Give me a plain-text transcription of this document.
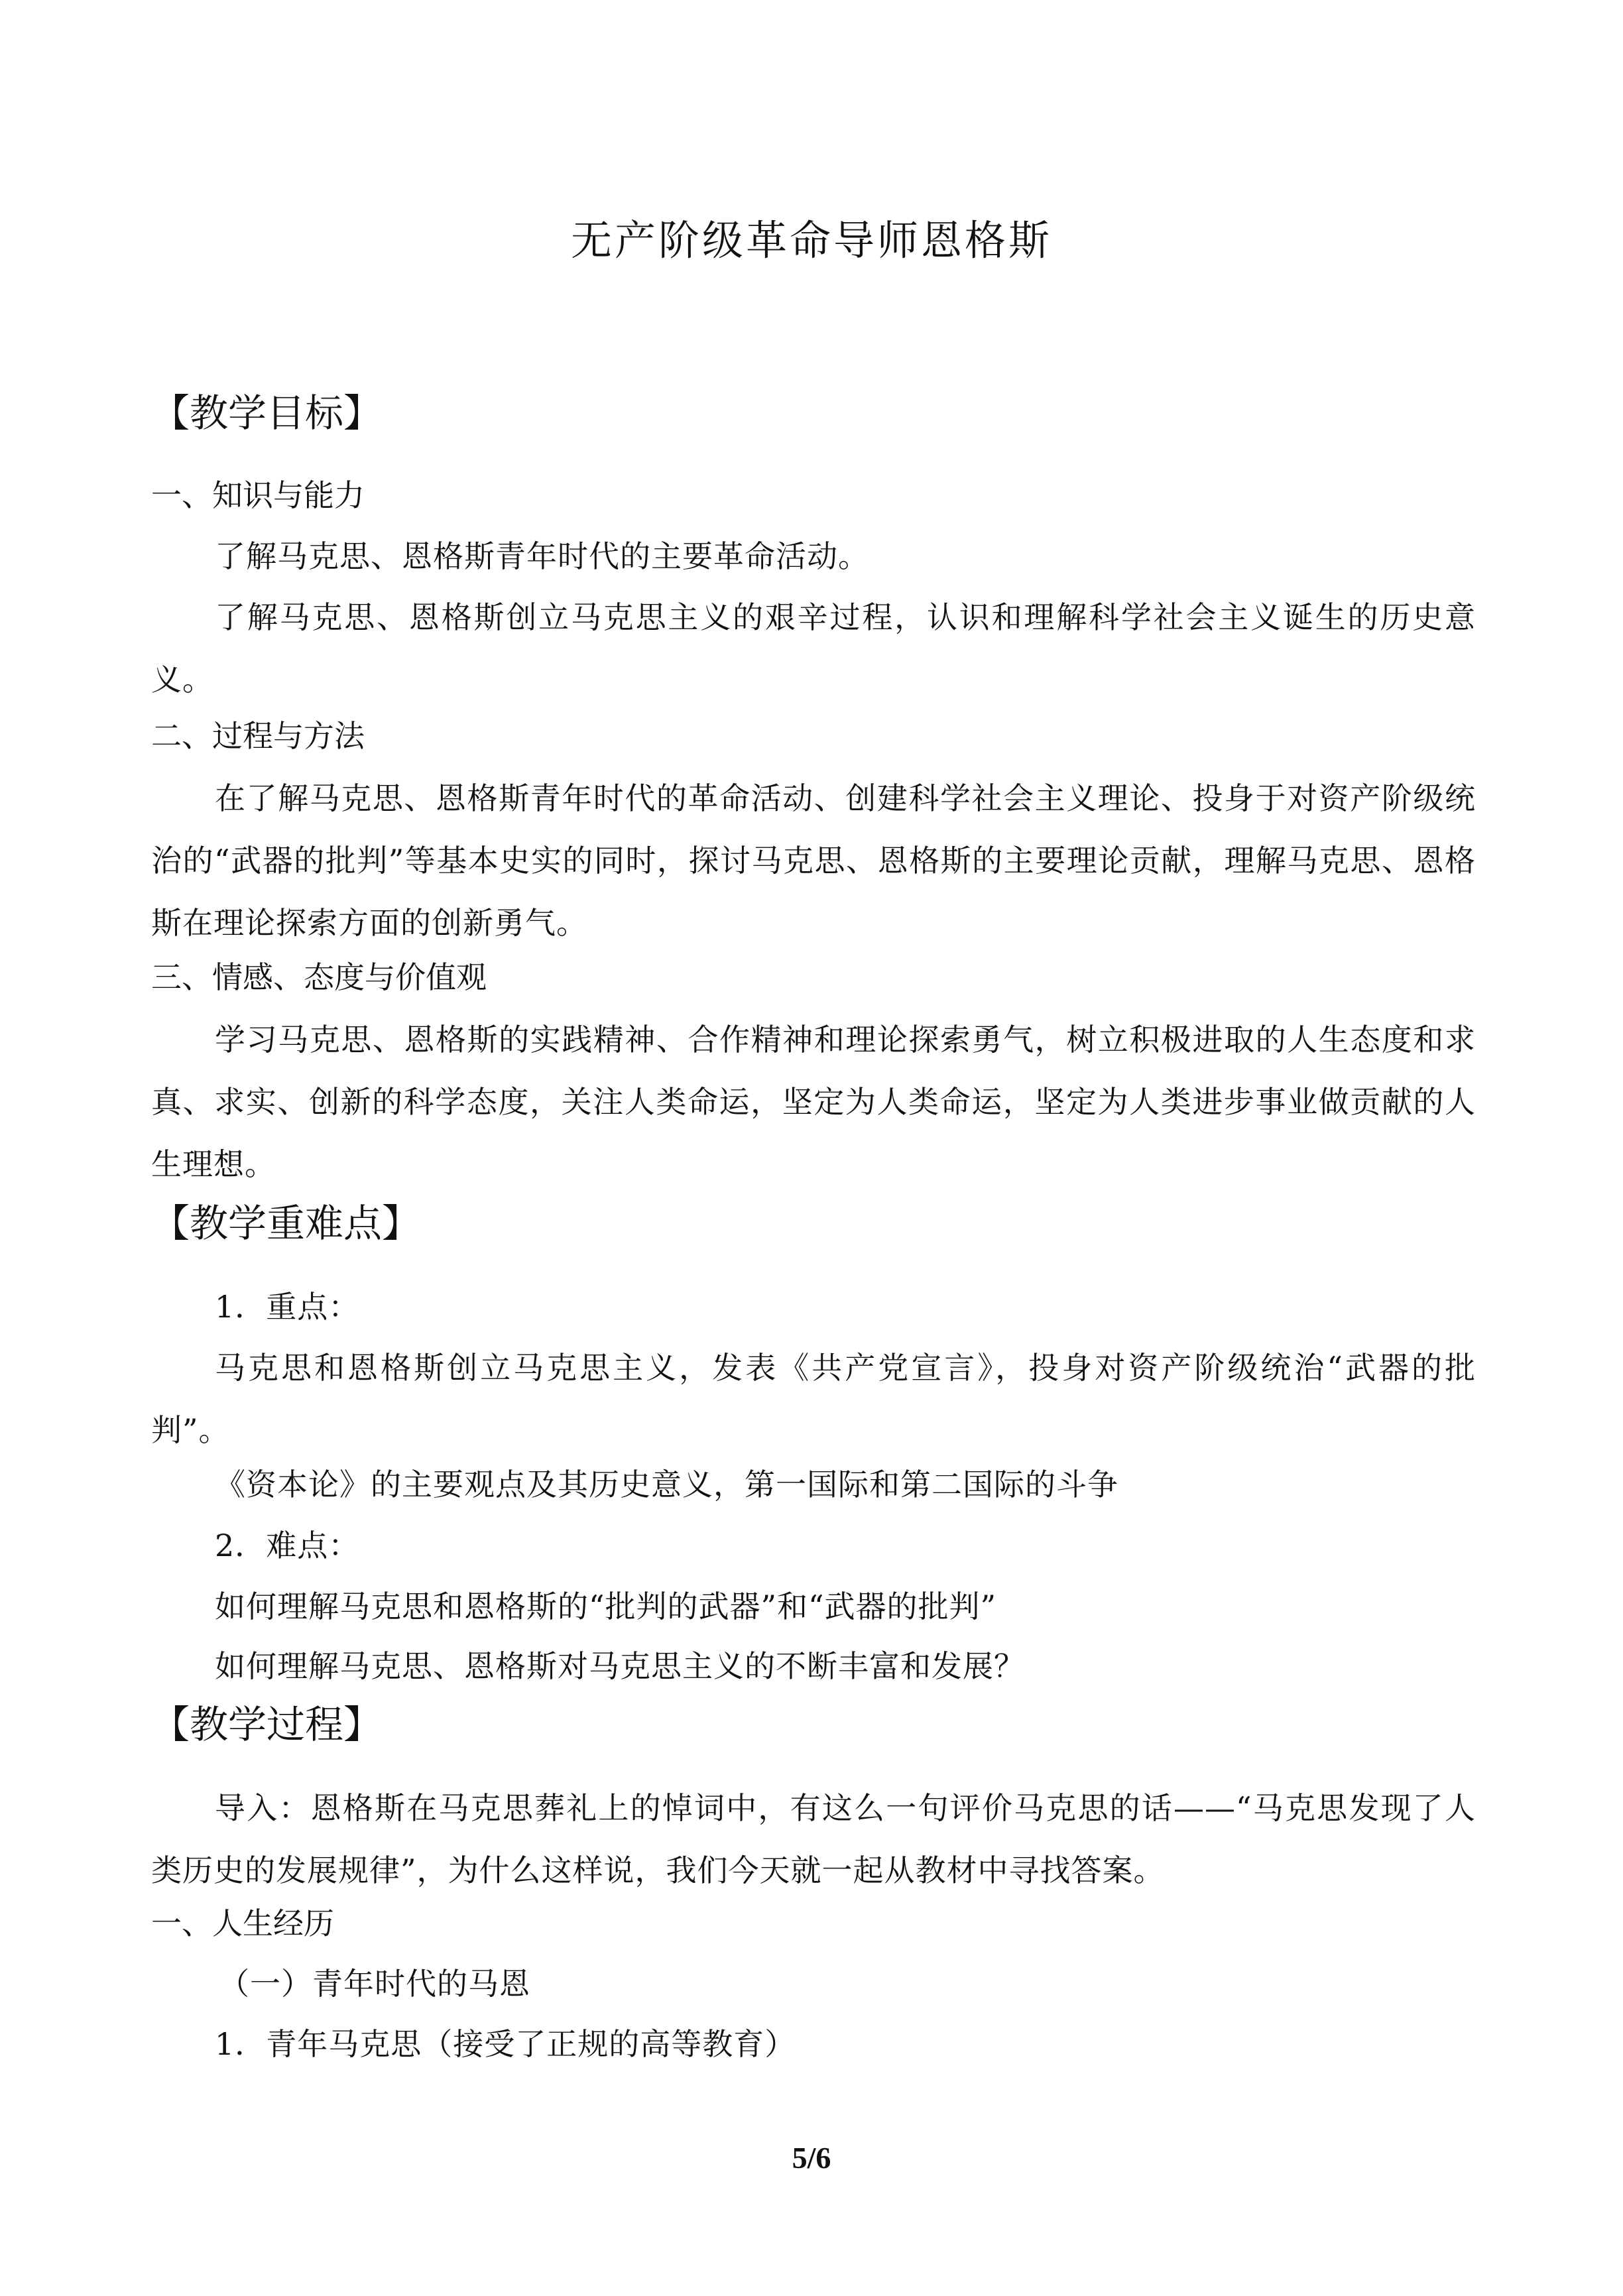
无产阶级革命导师恩格斯
【教学目标】
一、知识与能力
了解马克思、恩格斯青年时代的主要革命活动。
了解马克思、恩格斯创立马克思主义的艰辛过程，认识和理解科学社会主义诞生的历史意义。
二、过程与方法
在了解马克思、恩格斯青年时代的革命活动、创建科学社会主义理论、投身于对资产阶级统治的“武器的批判”等基本史实的同时，探讨马克思、恩格斯的主要理论贡献，理解马克思、恩格斯在理论探索方面的创新勇气。
三、情感、态度与价值观
学习马克思、恩格斯的实践精神、合作精神和理论探索勇气，树立积极进取的人生态度和求真、求实、创新的科学态度，关注人类命运，坚定为人类命运，坚定为人类进步事业做贡献的人生理想。
【教学重难点】
1．重点：
马克思和恩格斯创立马克思主义，发表《共产党宣言》，投身对资产阶级统治“武器的批判”。
《资本论》的主要观点及其历史意义，第一国际和第二国际的斗争
2．难点：
如何理解马克思和恩格斯的“批判的武器”和“武器的批判”
如何理解马克思、恩格斯对马克思主义的不断丰富和发展？
【教学过程】
导入：恩格斯在马克思葬礼上的悼词中，有这么一句评价马克思的话——“马克思发现了人类历史的发展规律”，为什么这样说，我们今天就一起从教材中寻找答案。
一、人生经历
（一）青年时代的马恩
1．青年马克思（接受了正规的高等教育）
5/6
